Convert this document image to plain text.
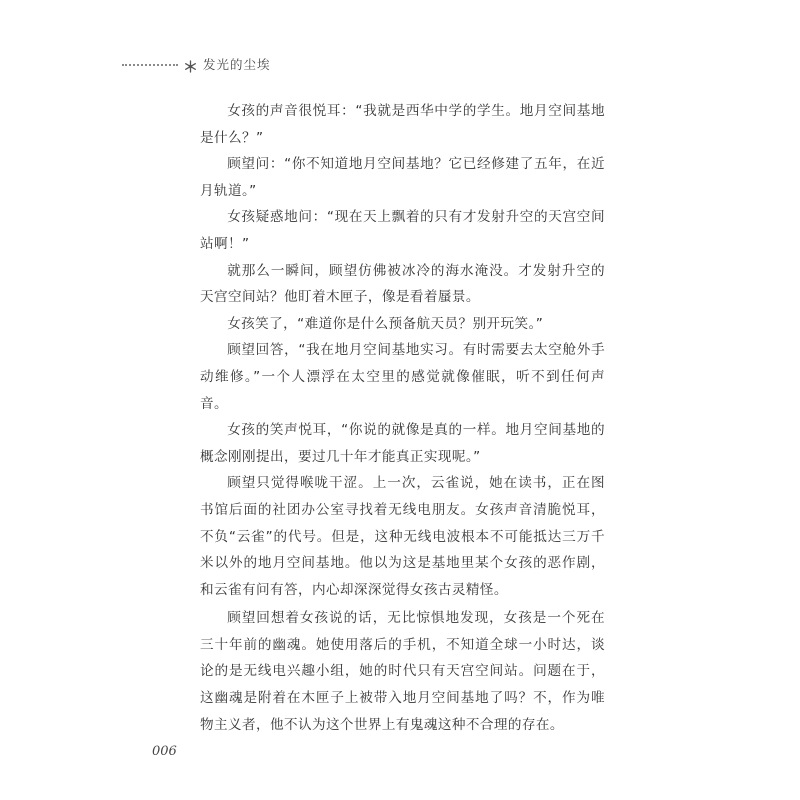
发光的尘埃

女孩的声音很悦耳：“我就是西华中学的学生。地月空间基地是什么？”

顾望问：“你不知道地月空间基地？它已经修建了五年，在近月轨道。”

女孩疑惑地问：“现在天上飘着的只有才发射升空的天宫空间站啊！”

就那么一瞬间，顾望仿佛被冰冷的海水淹没。才发射升空的天宫空间站？他盯着木匣子，像是看着蜃景。

女孩笑了，“难道你是什么预备航天员？别开玩笑。”

顾望回答，“我在地月空间基地实习。有时需要去太空舱外手动维修。”一个人漂浮在太空里的感觉就像催眠，听不到任何声音。

女孩的笑声悦耳，“你说的就像是真的一样。地月空间基地的概念刚刚提出，要过几十年才能真正实现呢。”

顾望只觉得喉咙干涩。上一次，云雀说，她在读书，正在图书馆后面的社团办公室寻找着无线电朋友。女孩声音清脆悦耳，不负“云雀”的代号。但是，这种无线电波根本不可能抵达三万千米以外的地月空间基地。他以为这是基地里某个女孩的恶作剧，和云雀有问有答，内心却深深觉得女孩古灵精怪。

顾望回想着女孩说的话，无比惊惧地发现，女孩是一个死在三十年前的幽魂。她使用落后的手机，不知道全球一小时达，谈论的是无线电兴趣小组，她的时代只有天宫空间站。问题在于，这幽魂是附着在木匣子上被带入地月空间基地了吗？不，作为唯物主义者，他不认为这个世界上有鬼魂这种不合理的存在。

006
